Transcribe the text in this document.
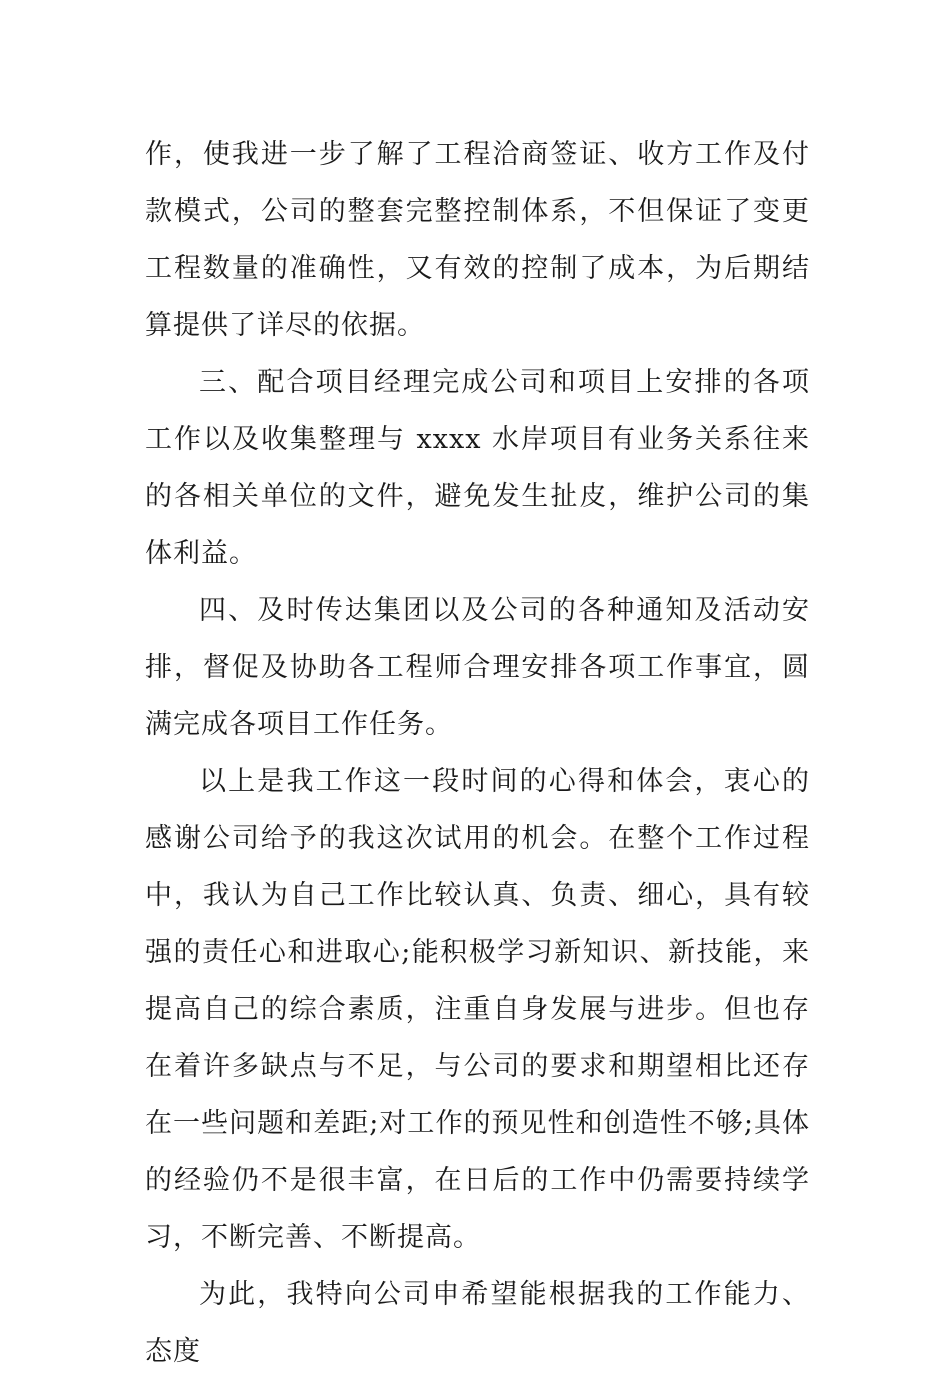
作，使我进一步了解了工程洽商签证、收方工作及付款模式，公司的整套完整控制体系，不但保证了变更工程数量的准确性，又有效的控制了成本，为后期结算提供了详尽的依据。

三、配合项目经理完成公司和项目上安排的各项工作以及收集整理与 xxxx 水岸项目有业务关系往来的各相关单位的文件，避免发生扯皮，维护公司的集体利益。

四、及时传达集团以及公司的各种通知及活动安排，督促及协助各工程师合理安排各项工作事宜，圆满完成各项目工作任务。

以上是我工作这一段时间的心得和体会，衷心的感谢公司给予的我这次试用的机会。在整个工作过程中，我认为自己工作比较认真、负责、细心，具有较强的责任心和进取心;能积极学习新知识、新技能，来提高自己的综合素质，注重自身发展与进步。但也存在着许多缺点与不足，与公司的要求和期望相比还存在一些问题和差距;对工作的预见性和创造性不够;具体的经验仍不是很丰富，在日后的工作中仍需要持续学习，不断完善、不断提高。

为此，我特向公司申希望能根据我的工作能力、态度
